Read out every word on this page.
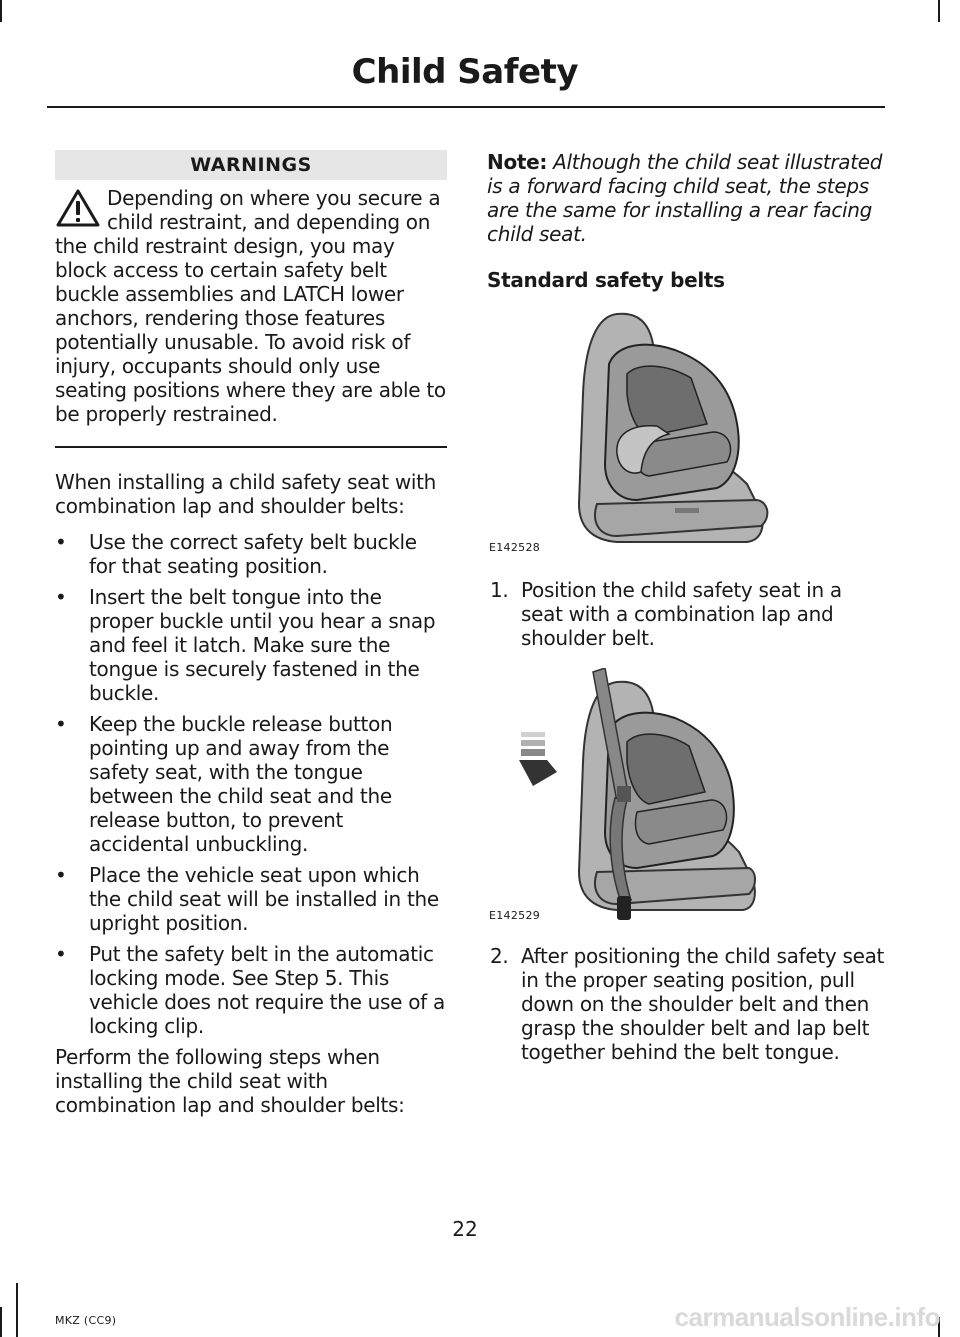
Child Safety
WARNINGS

Depending on where you secure a child restraint, and depending on the child restraint design, you may block access to certain safety belt buckle assemblies and LATCH lower anchors, rendering those features potentially unusable. To avoid risk of injury, occupants should only use seating positions where they are able to be properly restrained.

When installing a child safety seat with combination lap and shoulder belts:

• Use the correct safety belt buckle for that seating position.
• Insert the belt tongue into the proper buckle until you hear a snap and feel it latch. Make sure the tongue is securely fastened in the buckle.
• Keep the buckle release button pointing up and away from the safety seat, with the tongue between the child seat and the release button, to prevent accidental unbuckling.
• Place the vehicle seat upon which the child seat will be installed in the upright position.
• Put the safety belt in the automatic locking mode. See Step 5. This vehicle does not require the use of a locking clip.

Perform the following steps when installing the child seat with combination lap and shoulder belts:

Note: Although the child seat illustrated is a forward facing child seat, the steps are the same for installing a rear facing child seat.

Standard safety belts

E142528
1. Position the child safety seat in a seat with a combination lap and shoulder belt.
E142529
2. After positioning the child safety seat in the proper seating position, pull down on the shoulder belt and then grasp the shoulder belt and lap belt together behind the belt tongue.
22
MKZ (CC9)	carmanualsonline.info
